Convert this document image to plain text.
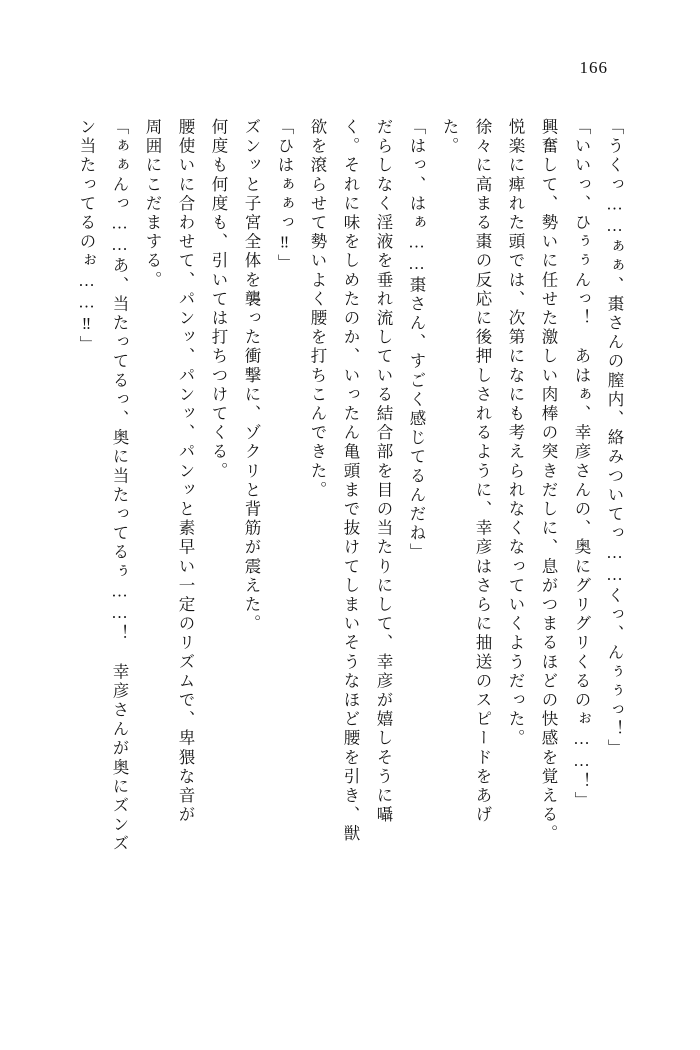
166
「うくっ……ぁぁ、棗さんの膣内、絡みついてっ……くっ、んぅぅっ！」
「いいっ、ひぅぅんっ！　あはぁ、幸彦さんの、奥にグリグリくるのぉ……！」
興奮して、勢いに任せた激しい肉棒の突きだしに、息がつまるほどの快感を覚える。
悦楽に痺れた頭では、次第になにも考えられなくなっていくようだった。
徐々に高まる棗の反応に後押しされるように、幸彦はさらに抽送のスピードをあげ
た。
「はっ、はぁ……棗さん、すごく感じてるんだね」
だらしなく淫液を垂れ流している結合部を目の当たりにして、幸彦が嬉しそうに囁
く。それに味をしめたのか、いったん亀頭まで抜けてしまいそうなほど腰を引き、獣
欲を滾らせて勢いよく腰を打ちこんできた。
「ひはぁぁっ‼」
ズンッと子宮全体を襲った衝撃に、ゾクリと背筋が震えた。
何度も何度も、引いては打ちつけてくる。
腰使いに合わせて、パンッ、パンッ、パンッと素早い一定のリズムで、卑猥な音が
周囲にこだまする。
「ぁぁんっ……あ、当たってるっ、奥に当たってるぅ……！　幸彦さんが奥にズンズ
ン当たってるのぉ……‼」
